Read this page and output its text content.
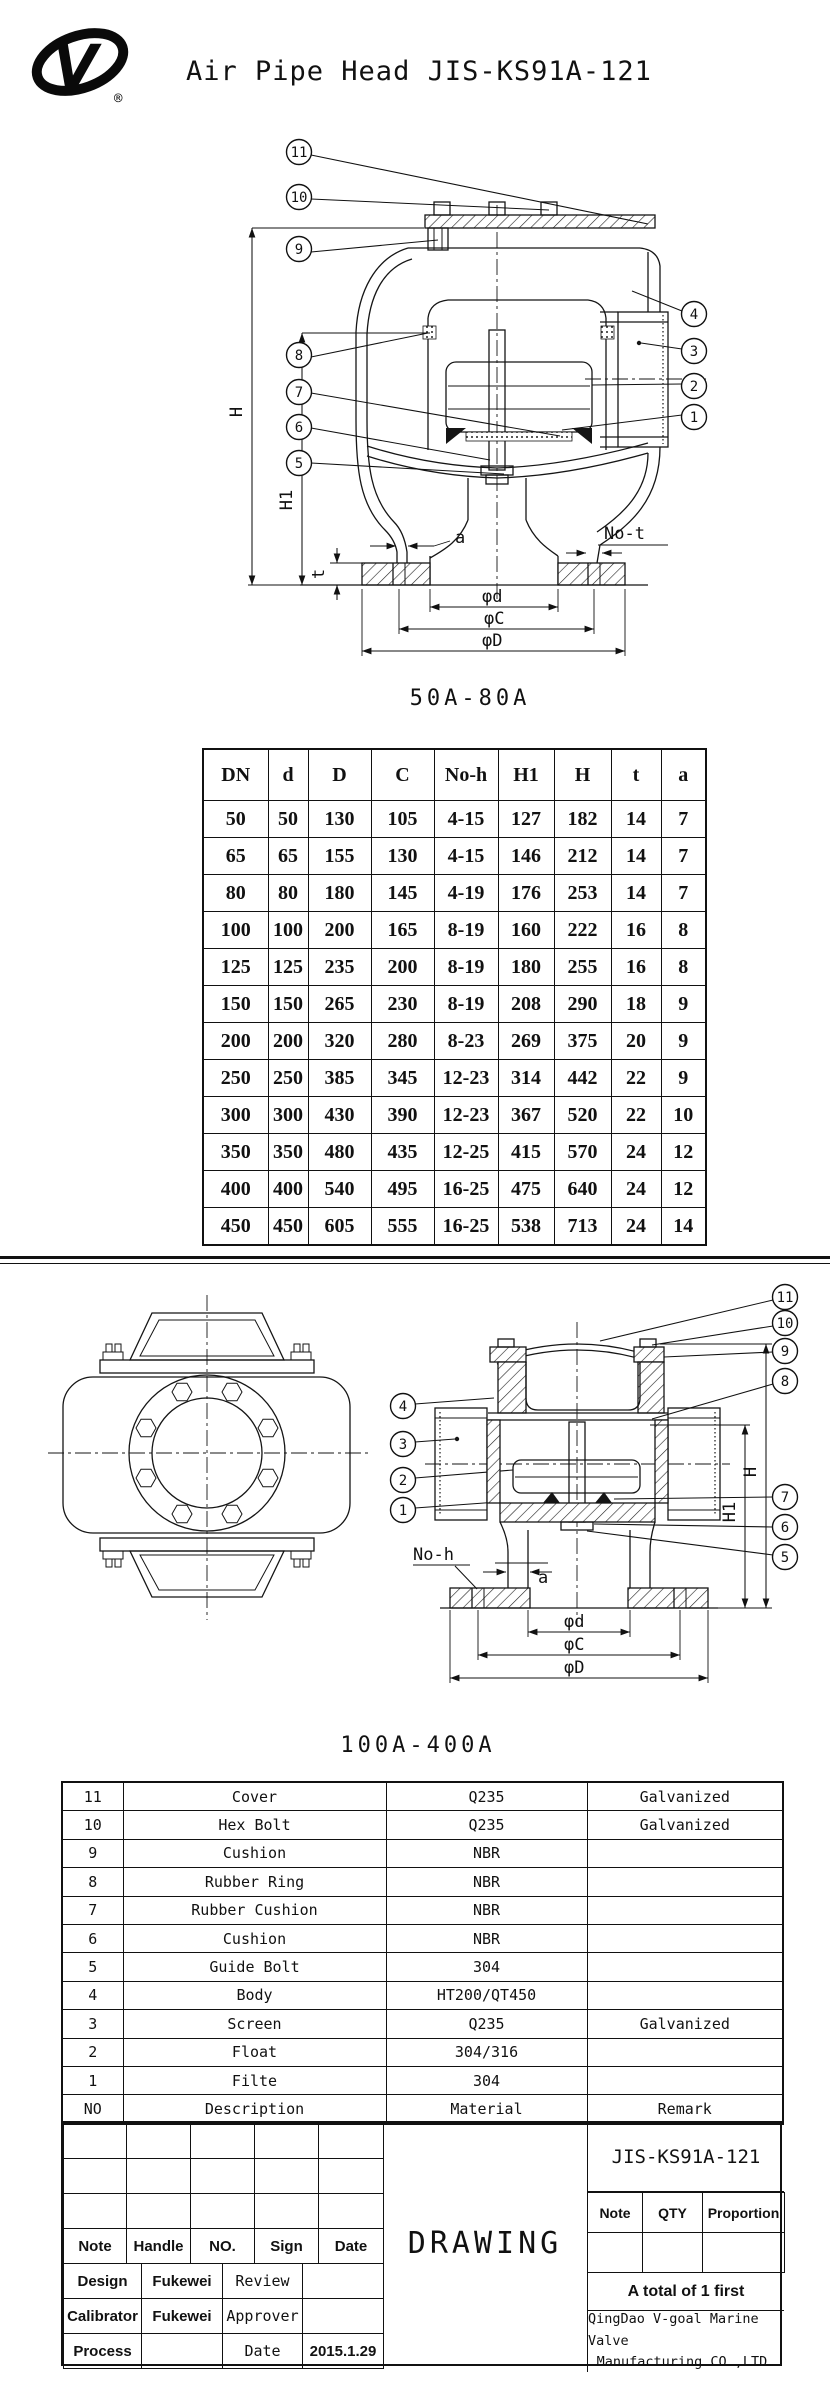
V ®
H
H1
t
a	No-t
φd
φC
φD
11
10
9
8
7
6
5
4
3
2
1
4
3
2
1
No-h
a
H
H1
φd
φC
φD
11
10
9
8
7
6
5
Air Pipe Head JIS-KS91A-121
50A-80A
DN	d	D	C	No-h	H1	H	t	a
50	50	130	105	4-15	127	182	14	7
65	65	155	130	4-15	146	212	14	7
80	80	180	145	4-19	176	253	14	7
100	100	200	165	8-19	160	222	16	8
125	125	235	200	8-19	180	255	16	8
150	150	265	230	8-19	208	290	18	9
200	200	320	280	8-23	269	375	20	9
250	250	385	345	12-23	314	442	22	9
300	300	430	390	12-23	367	520	22	10
350	350	480	435	12-25	415	570	24	12
400	400	540	495	16-25	475	640	24	12
450	450	605	555	16-25	538	713	24	14
100A-400A
11	Cover	Q235	Galvanized
10	Hex Bolt	Q235	Galvanized
9	Cushion	NBR	
8	Rubber Ring	NBR	
7	Rubber Cushion	NBR	
6	Cushion	NBR	
5	Guide Bolt	304	
4	Body	HT200/QT450	
3	Screen	Q235	Galvanized
2	Float	304/316	
1	Filte	304	
NO	Description	Material	Remark

Note	Handle	NO.	Sign	Date
Design	Fukewei	Review	
Calibrator	Fukewei	Approver	
Process		Date	2015.1.29
DRAWING
JIS-KS91A-121
Note	QTY	Proportion

A total of 1 first
QingDao V-goal Marine Valve
Manufacturing CO.,LTD.
